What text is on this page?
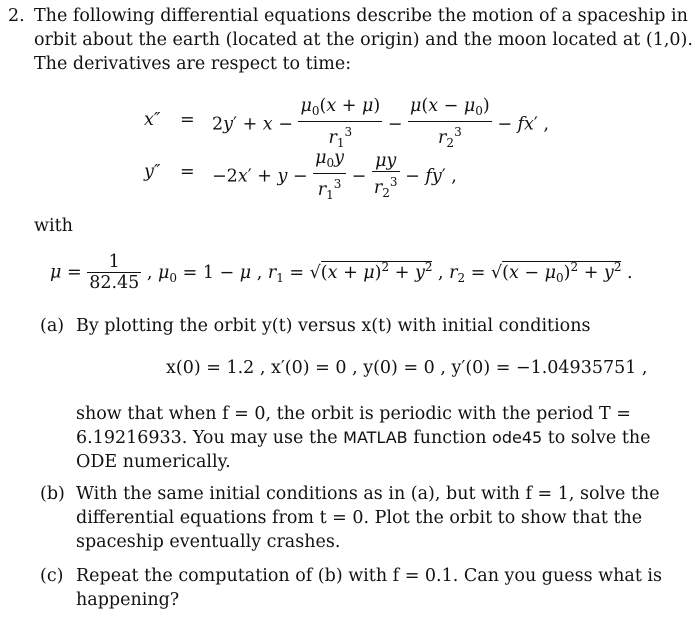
2. The following differential equations describe the motion of a spaceship in
orbit about the earth (located at the origin) and the moon located at (1,0).
The derivatives are respect to time:
$x'' = 2y' + x - \frac{\mu_0(x + \mu)}{r_1^3} - \frac{\mu(x - \mu_0)}{r_2^3} - fx'$ ,
$y'' = -2x' + y - \frac{\mu_0y}{r_1^3} - \frac{\mu y}{r_2^3} - fy'$ ,
with
$\mu = \frac{1}{82.45}$ , $\mu_0 = 1 - \mu$ , $r_1 = √(x + \mu)^2 + y^2$ , $r_2 = √(x - \mu_0)^2 + y^2$ .
(a) By plotting the orbit y(t) versus x(t) with initial conditions
x(0) = 1.2 , x′(0) = 0 , y(0) = 0 , y′(0) = −1.04935751 ,
show that when f = 0, the orbit is periodic with the period T =
6.19216933. You may use the MATLAB function ode45 to solve the
ODE numerically.
(b) With the same initial conditions as in (a), but with f = 1, solve the
differential equations from t = 0. Plot the orbit to show that the
spaceship eventually crashes.
(c) Repeat the computation of (b) with f = 0.1. Can you guess what is
happening?
